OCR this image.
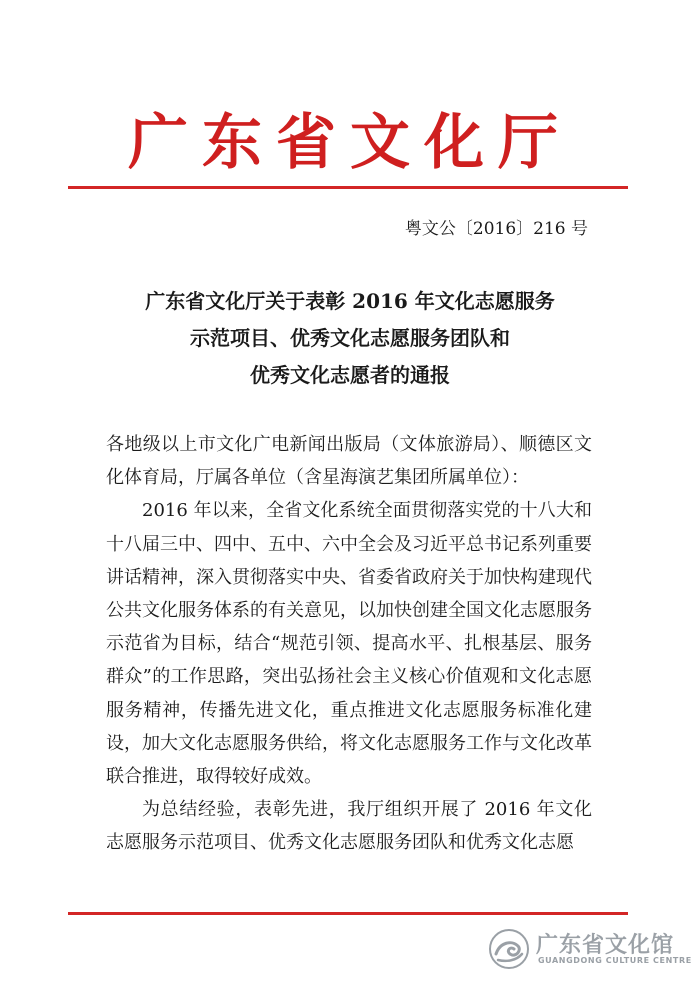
广东省文化厅
粤文公〔2016〕216 号
广东省文化厅关于表彰 2016 年文化志愿服务
示范项目、优秀文化志愿服务团队和
优秀文化志愿者的通报

各地级以上市文化广电新闻出版局（文体旅游局）、顺德区文化体育局，厅属各单位（含星海演艺集团所属单位）：

2016 年以来，全省文化系统全面贯彻落实党的十八大和十八届三中、四中、五中、六中全会及习近平总书记系列重要讲话精神，深入贯彻落实中央、省委省政府关于加快构建现代公共文化服务体系的有关意见，以加快创建全国文化志愿服务示范省为目标，结合“规范引领、提高水平、扎根基层、服务群众”的工作思路，突出弘扬社会主义核心价值观和文化志愿服务精神，传播先进文化，重点推进文化志愿服务标准化建设，加大文化志愿服务供给，将文化志愿服务工作与文化改革联合推进，取得较好成效。

为总结经验，表彰先进，我厅组织开展了 2016 年文化志愿服务示范项目、优秀文化志愿服务团队和优秀文化志愿

广东省文化馆
GUANGDONG CULTURE CENTRE
